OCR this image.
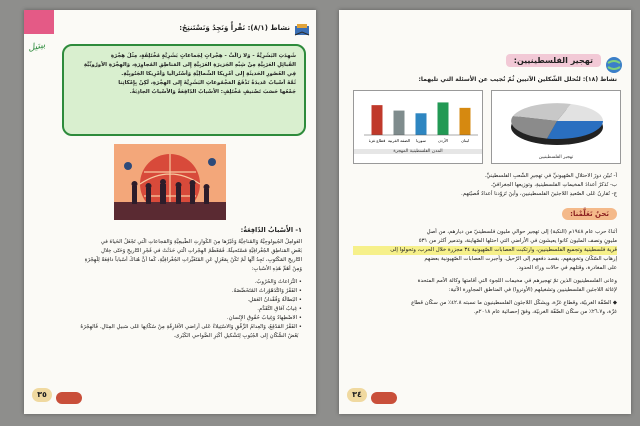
بيتيل
نشاط (٨/١): نَقْرأُ وَنَجِدُ وَنَسْتَنتِجُ:
شَهِدَتِ البَشَرِيَّةُ - وَلا زالَتْ - هِجْراتٍ لِجَماعاتٍ بَشَرِيَّةٍ مُخْتَلِفَةٍ، مِثْلَ هِجْرَةِ
القَبائِلِ العَرَبِيَّةِ مِنْ شِبْهِ الجَزيرَةِ العَرَبِيَّةِ إِلى المَناطِقِ المُجاوِرَةِ، وَالهِجْرَةِ الأُورُوبِّيَّةِ
فِي العُصُورِ الحَديثَةِ إِلى أَمْرِيكا الشَّمالِيَّةِ وَأَسْتُرالْيا وَأَمْرِيكا الجَنُوبِيَّةِ.
ثَمَّةَ أَسْبابٌ عَديدَةٌ تَدْفَعُ المَجْمُوعاتِ البَشَرِيَّةَ إِلى الهِجْرَةِ، لَكِنْ بِإِمْكانِنا
جَمْعُها حَسَبَ تَصْنيفٍ مُخْتَلِفٍ: الأَسْبابُ الدّافِعَةُ وَالأَسْبابُ الجاذِبَةُ.
١- الأَسْبابُ الدّافِعَةُ:
العَوامِلُ الجُيولوجِيَّةُ وَالمُناخِيَّةُ وَغَيْرُها مِنَ الكَوارِثِ الطَّبيعِيَّةِ وَالمَجاعاتِ الَّتي تَجْعَلُ الحَياةَ في
بَعْضِ المَناطِقِ الجُغْرافِيَّةِ مُسْتَحيلَةً. فَمُعْظَمُ الهِجْراتِ الَّتي حَدَثَتْ في فَجْرِ التّاريخِ وَحَتّى خِلالِ
التّاريخِ المَكْتُوبِ، نَجِدُ أَنَّها لَمْ تَكُنْ بِمَعْزِلٍ عَنِ المُتَغَيِّراتِ الجُغْرافِيَّةِ، كَما أَنَّ هُناكَ أَسْباباً دافِعَةً لِلْهِجْرَةِ
وَمِنْ أَهَمِّ هَذِهِ الأَسْبابِ:
• النِّزاعاتُ وَالحُرُوبُ.
• الفَقْرُ وَالتَّدَهْوُراتُ المُتَخَصِّصَةُ.
• البَطالَةُ وَفُقْدانُ العَمَلِ.
• غِيابُ آفاقِ التَّقَدُّمِ.
• الاضْطِهادُ وَغِيابُ حُقُوقِ الإِنْسانِ.
• الفَقْرُ المُدْقِعُ، وَانْعِدامُ الرِّفْقِ وَالاسْتِيلاءُ عَلى أَراضي الأَفارِقَةِ مِنْ سُكّانِها عَلى سَبيلِ المِثالِ. فَالهِجْرَةُ
بَعْضُ السُّكّانِ إِلى الجُبُوبِ لِتَشْكيلِ أَكْبَرِ الضَّواحي الكُبْرى.
٣٥
تهجير الفلسطينيين:
نشاط (١٨): لنُحلل الشّكلين الآتيين ثُمّ نُجيب عن الأسئلة التي تليهما:
تهجير الفلسطينيين
قطاع غزة الضفة الغربية سوريا	الأردن	لبنان
المدن الفلسطينية المهجرة
أ- نُبيّن دورَ الاحتلالِ الصّهيونيِّ في تهجيرِ الشّعبِ الفلسطينيِّ.
ب- نُذكرُ أعدادَ المخيماتِ الفلسطينيةِ، وتوزيعها الجغرافيّ.
ج- نُقارنُ عَلى الصّعيدِ اللاجئينَ الفلسطينيين، وأينَ تَزوّدنا أَعدادُ قُصيّتهم.
نَحنُ تَعَلَّمْنا:
أثناءَ حرب عام ١٩٤٨م (النكبة) إلى تهجير حوالي مليون فلسطينيّ من ديارهم، من أصلِ
مليونٍ ونصف المليون كانوا يعيشون في الأراضي التي احتلها الصّهاينة، وتدمير أكثر من ٥٣١
قرية فلسطينية وتجميع الفلسطينيين، وارتكبت العصابات الصّهيونية ٣٤ مجزرة خلال الحرب، وتحولوا إلى
إرهاب السّكّان وتخويفهم، بقصد دفعهم إلى الرّحيل. وأجبرت العصابات الصّهيونية بعضهم
على المغادرة، وقتلهم في حالات وراء الحدود.
وعانى الفلسطينيون الذين تمّ تهجيرهم في مخيمات اللجوء التي أقامتها وكالة الأمم المتحدة
لإغاثة اللاجئين الفلسطينيين وتشغيلهم (الأونروا) في المناطق المجاورة الآتية:
◆ الضّفّة الغربيّة، وقطاع غزّة، ويشكّل اللاجئون الفلسطينيون ما نسبته ٤٢.٨٪ من سكّان قطاع
غزّة، و٢٦.٧٪ من سكّان الضّفّة الغربيّة، وفقَ إحصائية عام ٢٠١٨م.
٣٤
